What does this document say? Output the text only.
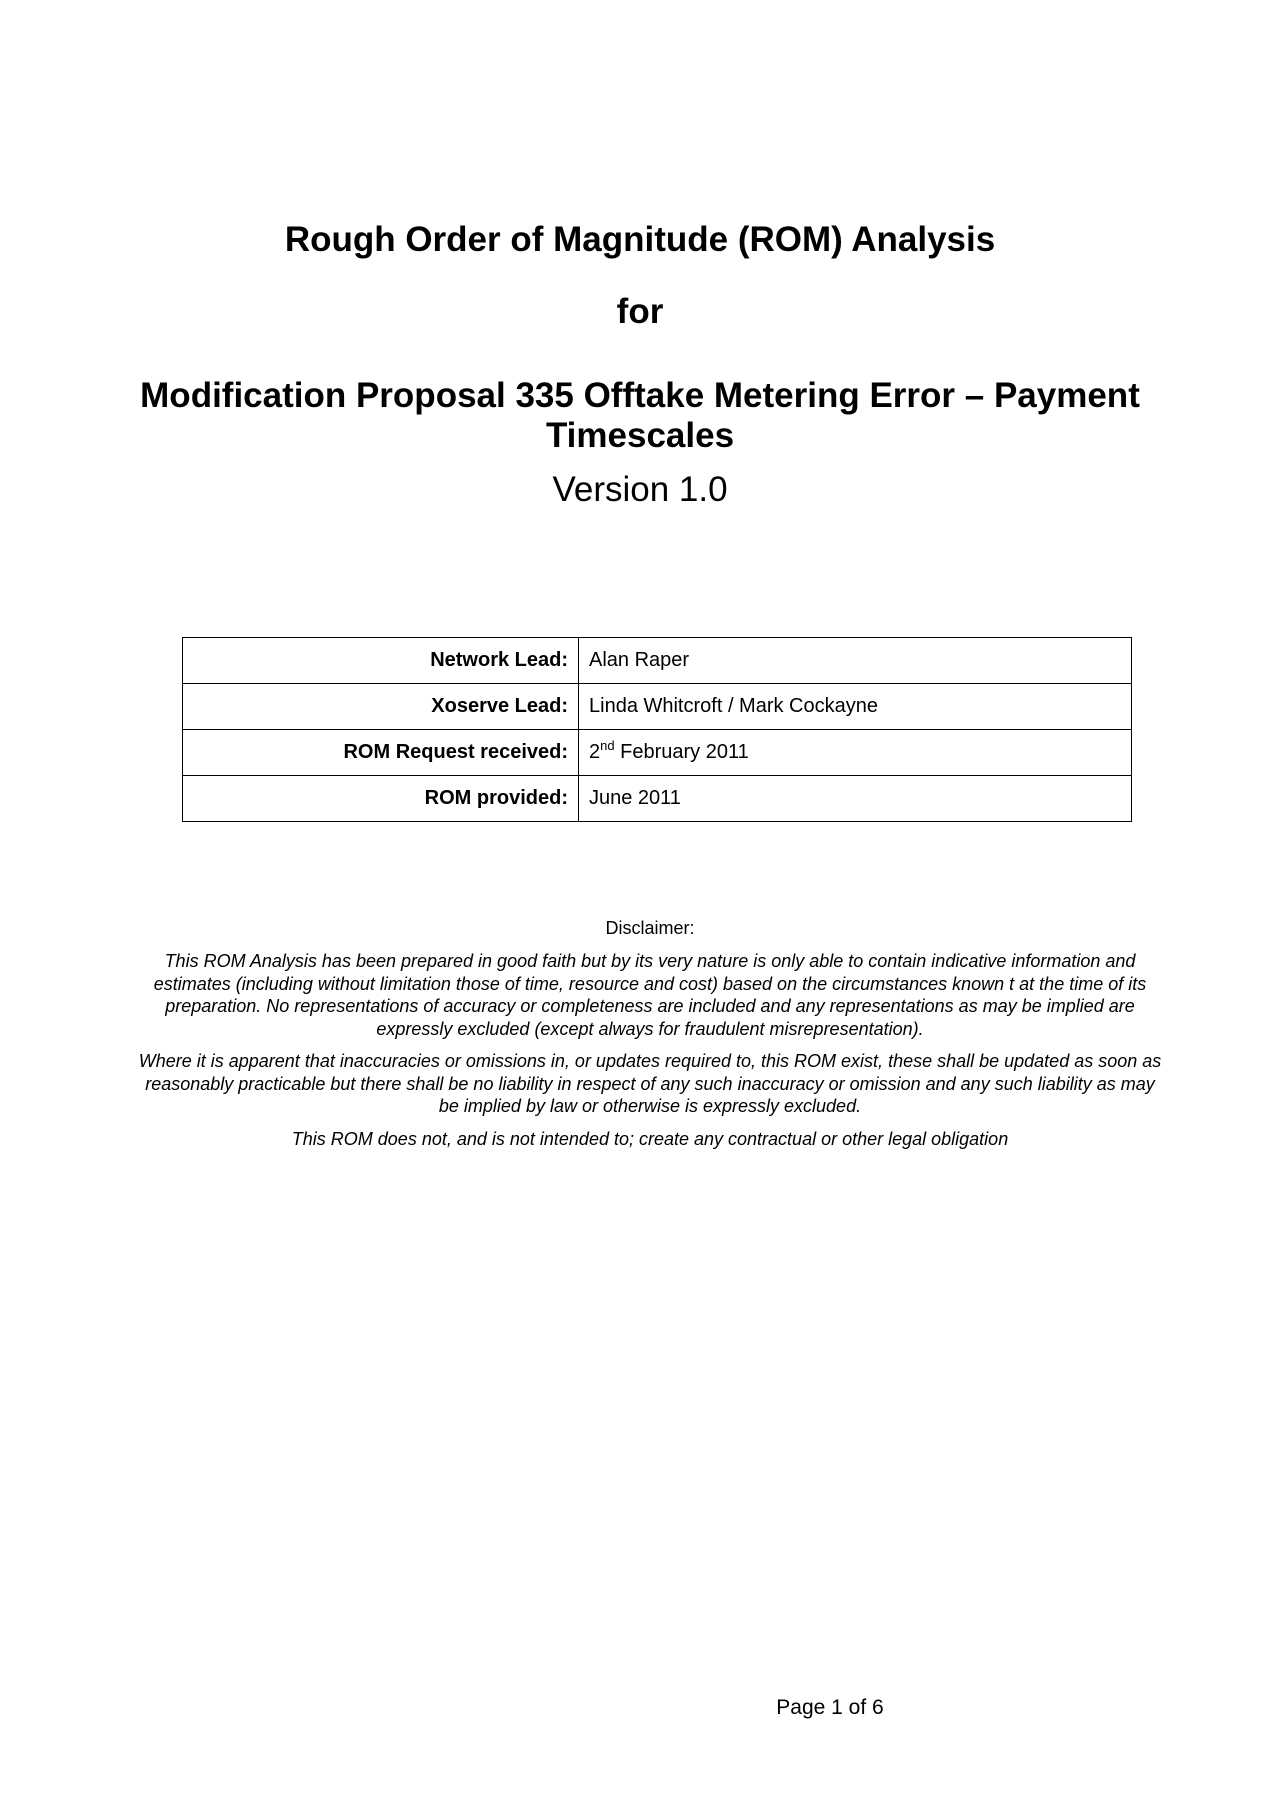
Rough Order of Magnitude (ROM) Analysis
for
Modification Proposal 335 Offtake Metering Error – Payment Timescales
Version 1.0
Network Lead:	Alan Raper
Xoserve Lead:	Linda Whitcroft / Mark Cockayne
ROM Request received:	2nd February 2011
ROM provided:	June 2011
Disclaimer:

This ROM Analysis has been prepared in good faith but by its very nature is only able to contain indicative information and estimates (including without limitation those of time, resource and cost) based on the circumstances known t at the time of its preparation. No representations of accuracy or completeness are included and any representations as may be implied are expressly excluded (except always for fraudulent misrepresentation).

Where it is apparent that inaccuracies or omissions in, or updates required to, this ROM exist, these shall be updated as soon as reasonably practicable but there shall be no liability in respect of any such inaccuracy or omission and any such liability as may be implied by law or otherwise is expressly excluded.

This ROM does not, and is not intended to; create any contractual or other legal obligation

Page 1 of 6
